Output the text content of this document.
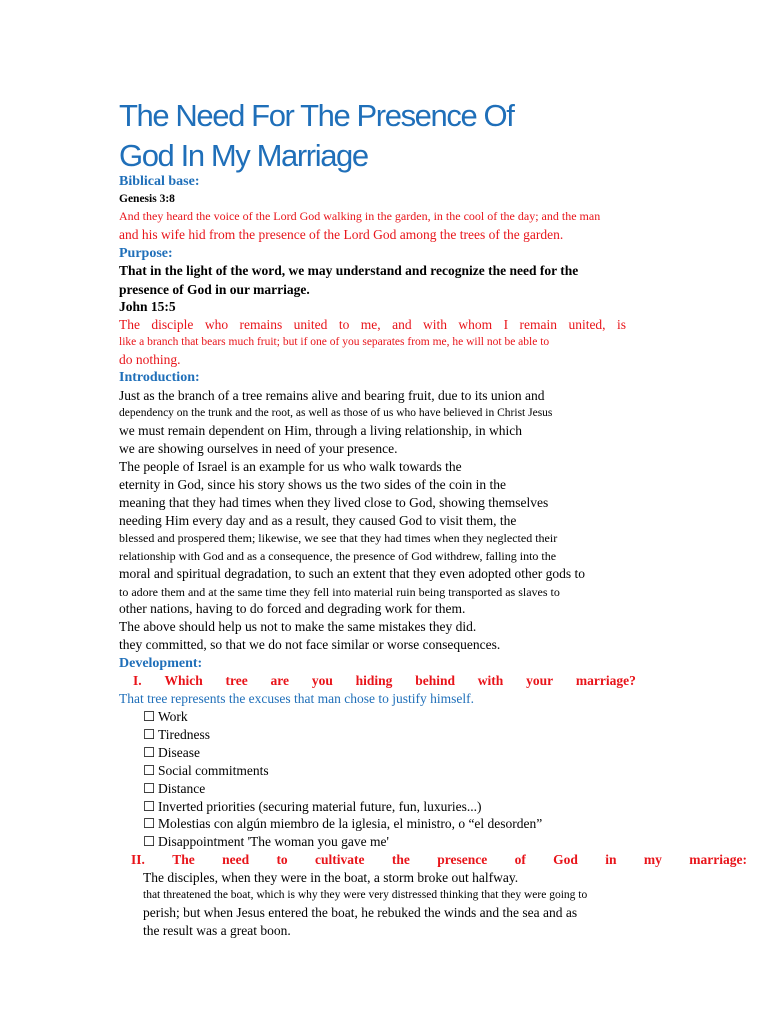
The Need For The Presence Of
God In My Marriage
Biblical base:
Genesis 3:8
And they heard the voice of the Lord God walking in the garden, in the cool of the day; and the man
and his wife hid from the presence of the Lord God among the trees of the garden.
Purpose:
That in the light of the word, we may understand and recognize the need for the
presence of God in our marriage.
John 15:5
The disciple who remains united to me, and with whom I remain united, is
like a branch that bears much fruit; but if one of you separates from me, he will not be able to
do nothing.
Introduction:
Just as the branch of a tree remains alive and bearing fruit, due to its union and
dependency on the trunk and the root, as well as those of us who have believed in Christ Jesus
we must remain dependent on Him, through a living relationship, in which
we are showing ourselves in need of your presence.
The people of Israel is an example for us who walk towards the
eternity in God, since his story shows us the two sides of the coin in the
meaning that they had times when they lived close to God, showing themselves
needing Him every day and as a result, they caused God to visit them, the
blessed and prospered them; likewise, we see that they had times when they neglected their
relationship with God and as a consequence, the presence of God withdrew, falling into the
moral and spiritual degradation, to such an extent that they even adopted other gods to
to adore them and at the same time they fell into material ruin being transported as slaves to
other nations, having to do forced and degrading work for them.
The above should help us not to make the same mistakes they did.
they committed, so that we do not face similar or worse consequences.
Development:
I. Which tree are you hiding behind with your marriage?
That tree represents the excuses that man chose to justify himself.
☐ Work
☐ Tiredness
☐ Disease
☐ Social commitments
☐ Distance
☐ Inverted priorities (securing material future, fun, luxuries...)
☐ Molestias con algún miembro de la iglesia, el ministro, o “el desorden”
☐ Disappointment 'The woman you gave me'
II. The need to cultivate the presence of God in my marriage:
The disciples, when they were in the boat, a storm broke out halfway.
that threatened the boat, which is why they were very distressed thinking that they were going to
perish; but when Jesus entered the boat, he rebuked the winds and the sea and as
the result was a great boon.
